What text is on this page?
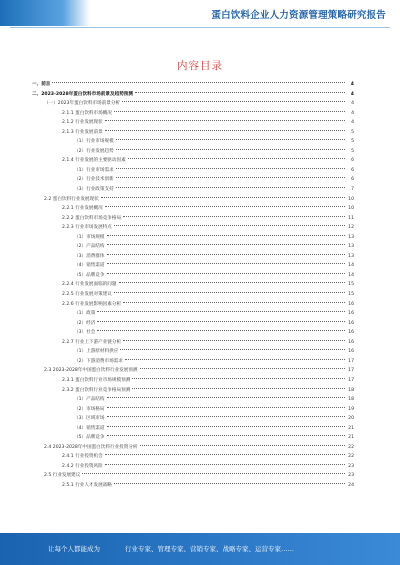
蛋白饮料企业人力资源管理策略研究报告
内容目录
一、前言	4
二、2023-2028年蛋白饮料市场前景及趋势预测	4
（一）2023年蛋白饮料市场前景分析	4
2.1.1 蛋白饮料市场概况	4
2.1.2 行业发展现状	4
2.1.3 行业发展前景	5
（1）行业市场规模	5
（2）行业发展趋势	5
2.1.4 行业发展的主要驱动因素	6
（1）行业市场需求	6
（2）行业技术创新	6
（3）行业政策支持	7
2.2 蛋白饮料行业发展现状	10
2.2.1 行业发展概况	10
2.2.2 蛋白饮料市场竞争格局	11
2.2.3 行业市场发展特点	12
（1）市场规模	13
（2）产品结构	13
（3）消费群体	13
（4）销售渠道	14
（5）品牌竞争	14
2.2.4 行业发展面临的问题	15
2.2.5 行业发展对策建议	15
2.2.6 行业发展影响因素分析	16
（1）政策	16
（2）经济	16
（3）社会	16
2.2.7 行业上下游产业链分析	16
（1）上游原材料供应	16
（2）下游消费市场需求	17
2.3 2023-2028年中国蛋白饮料行业发展预测	17
2.3.1 蛋白饮料行业市场规模预测	17
2.3.2 蛋白饮料行业竞争格局预测	18
（1）产品结构	18
（2）市场格局	19
（3）区域市场	20
（4）销售渠道	21
（5）品牌竞争	21
2.4 2023-2028年中国蛋白饮料行业投资分析	22
2.4.1 行业投资机会	22
2.4.2 行业投资风险	23
2.5 行业发展建议	23
2.5.1 行业人才发展战略	24
让每个人都能成为	行业专家、管理专家、营销专家、战略专家、运营专家……
